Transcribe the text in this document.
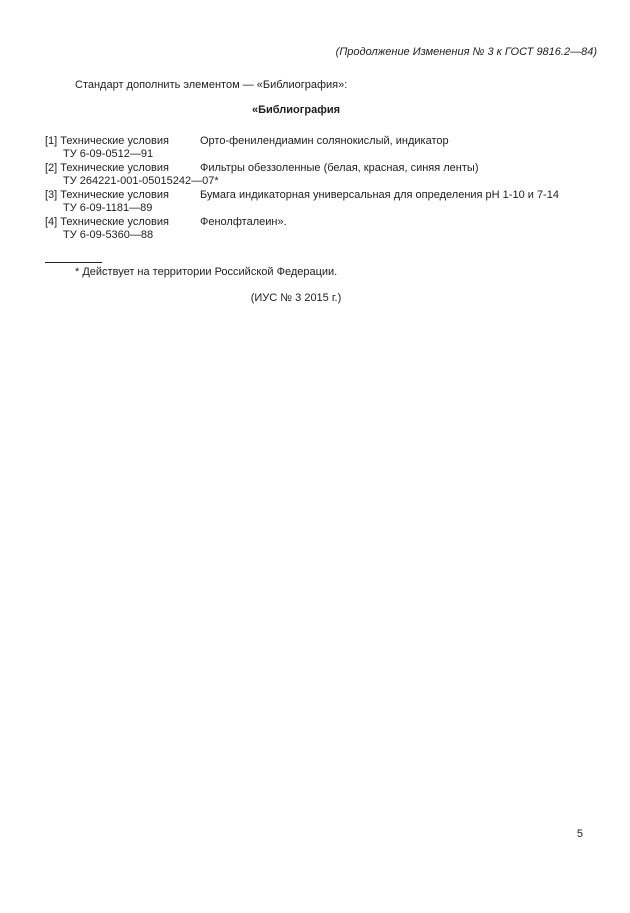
(Продолжение Изменения № 3 к ГОСТ 9816.2—84)
Стандарт дополнить элементом — «Библиография»:
«Библиография
[1] Технические условия	Орто-фенилендиамин солянокислый, индикатор
ТУ 6-09-0512—91
[2] Технические условия	Фильтры обеззоленные (белая, красная, синяя ленты)
ТУ 264221-001-05015242—07*
[3] Технические условия	Бумага индикаторная универсальная для определения pH 1-10 и 7-14
ТУ 6-09-1181—89
[4] Технические условия	Фенолфталеин».
ТУ 6-09-5360—88
* Действует на территории Российской Федерации.
(ИУС № 3 2015 г.)
5
